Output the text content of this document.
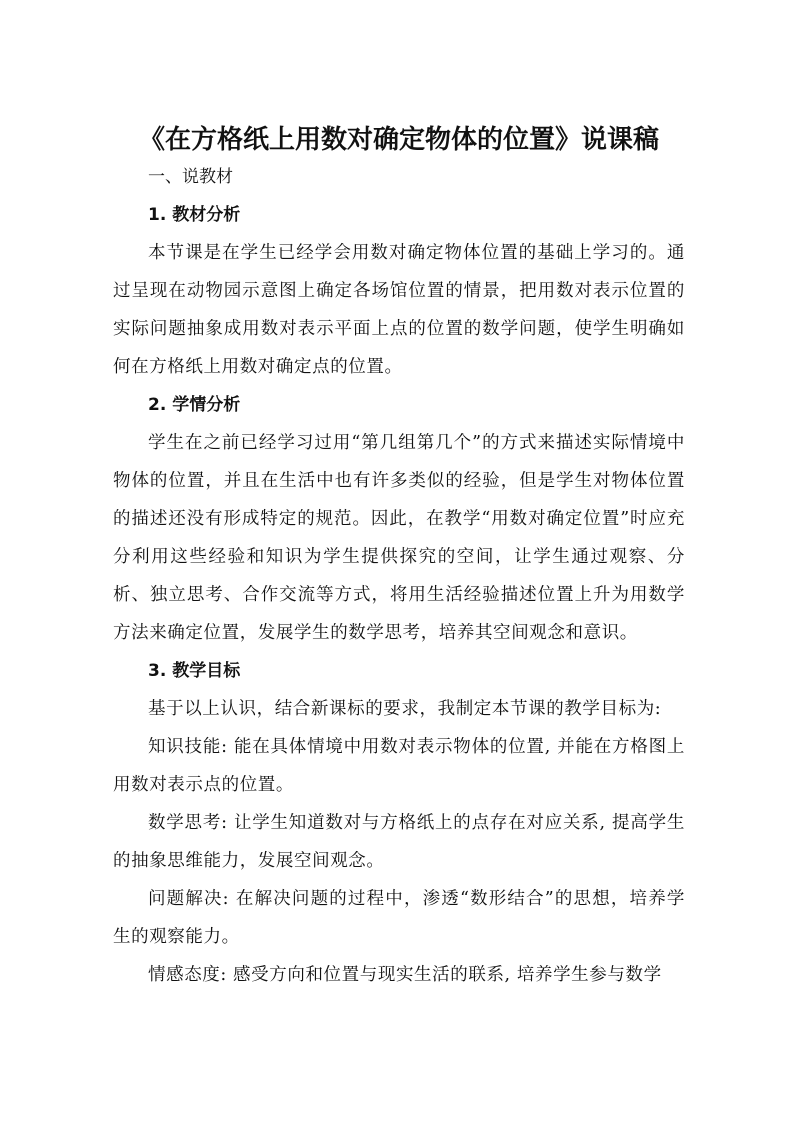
《在方格纸上用数对确定物体的位置》说课稿
一、说教材
1. 教材分析

本节课是在学生已经学会用数对确定物体位置的基础上学习的。通过呈现在动物园示意图上确定各场馆位置的情景，把用数对表示位置的实际问题抽象成用数对表示平面上点的位置的数学问题，使学生明确如何在方格纸上用数对确定点的位置。

2. 学情分析

学生在之前已经学习过用“第几组第几个”的方式来描述实际情境中物体的位置，并且在生活中也有许多类似的经验，但是学生对物体位置的描述还没有形成特定的规范。因此，在教学“用数对确定位置”时应充分利用这些经验和知识为学生提供探究的空间，让学生通过观察、分析、独立思考、合作交流等方式，将用生活经验描述位置上升为用数学方法来确定位置，发展学生的数学思考，培养其空间观念和意识。

3. 教学目标

基于以上认识，结合新课标的要求，我制定本节课的教学目标为:

知识技能: 能在具体情境中用数对表示物体的位置, 并能在方格图上用数对表示点的位置。

数学思考: 让学生知道数对与方格纸上的点存在对应关系, 提高学生的抽象思维能力，发展空间观念。

问题解决: 在解决问题的过程中，渗透“数形结合”的思想，培养学生的观察能力。

情感态度: 感受方向和位置与现实生活的联系, 培养学生参与数学
